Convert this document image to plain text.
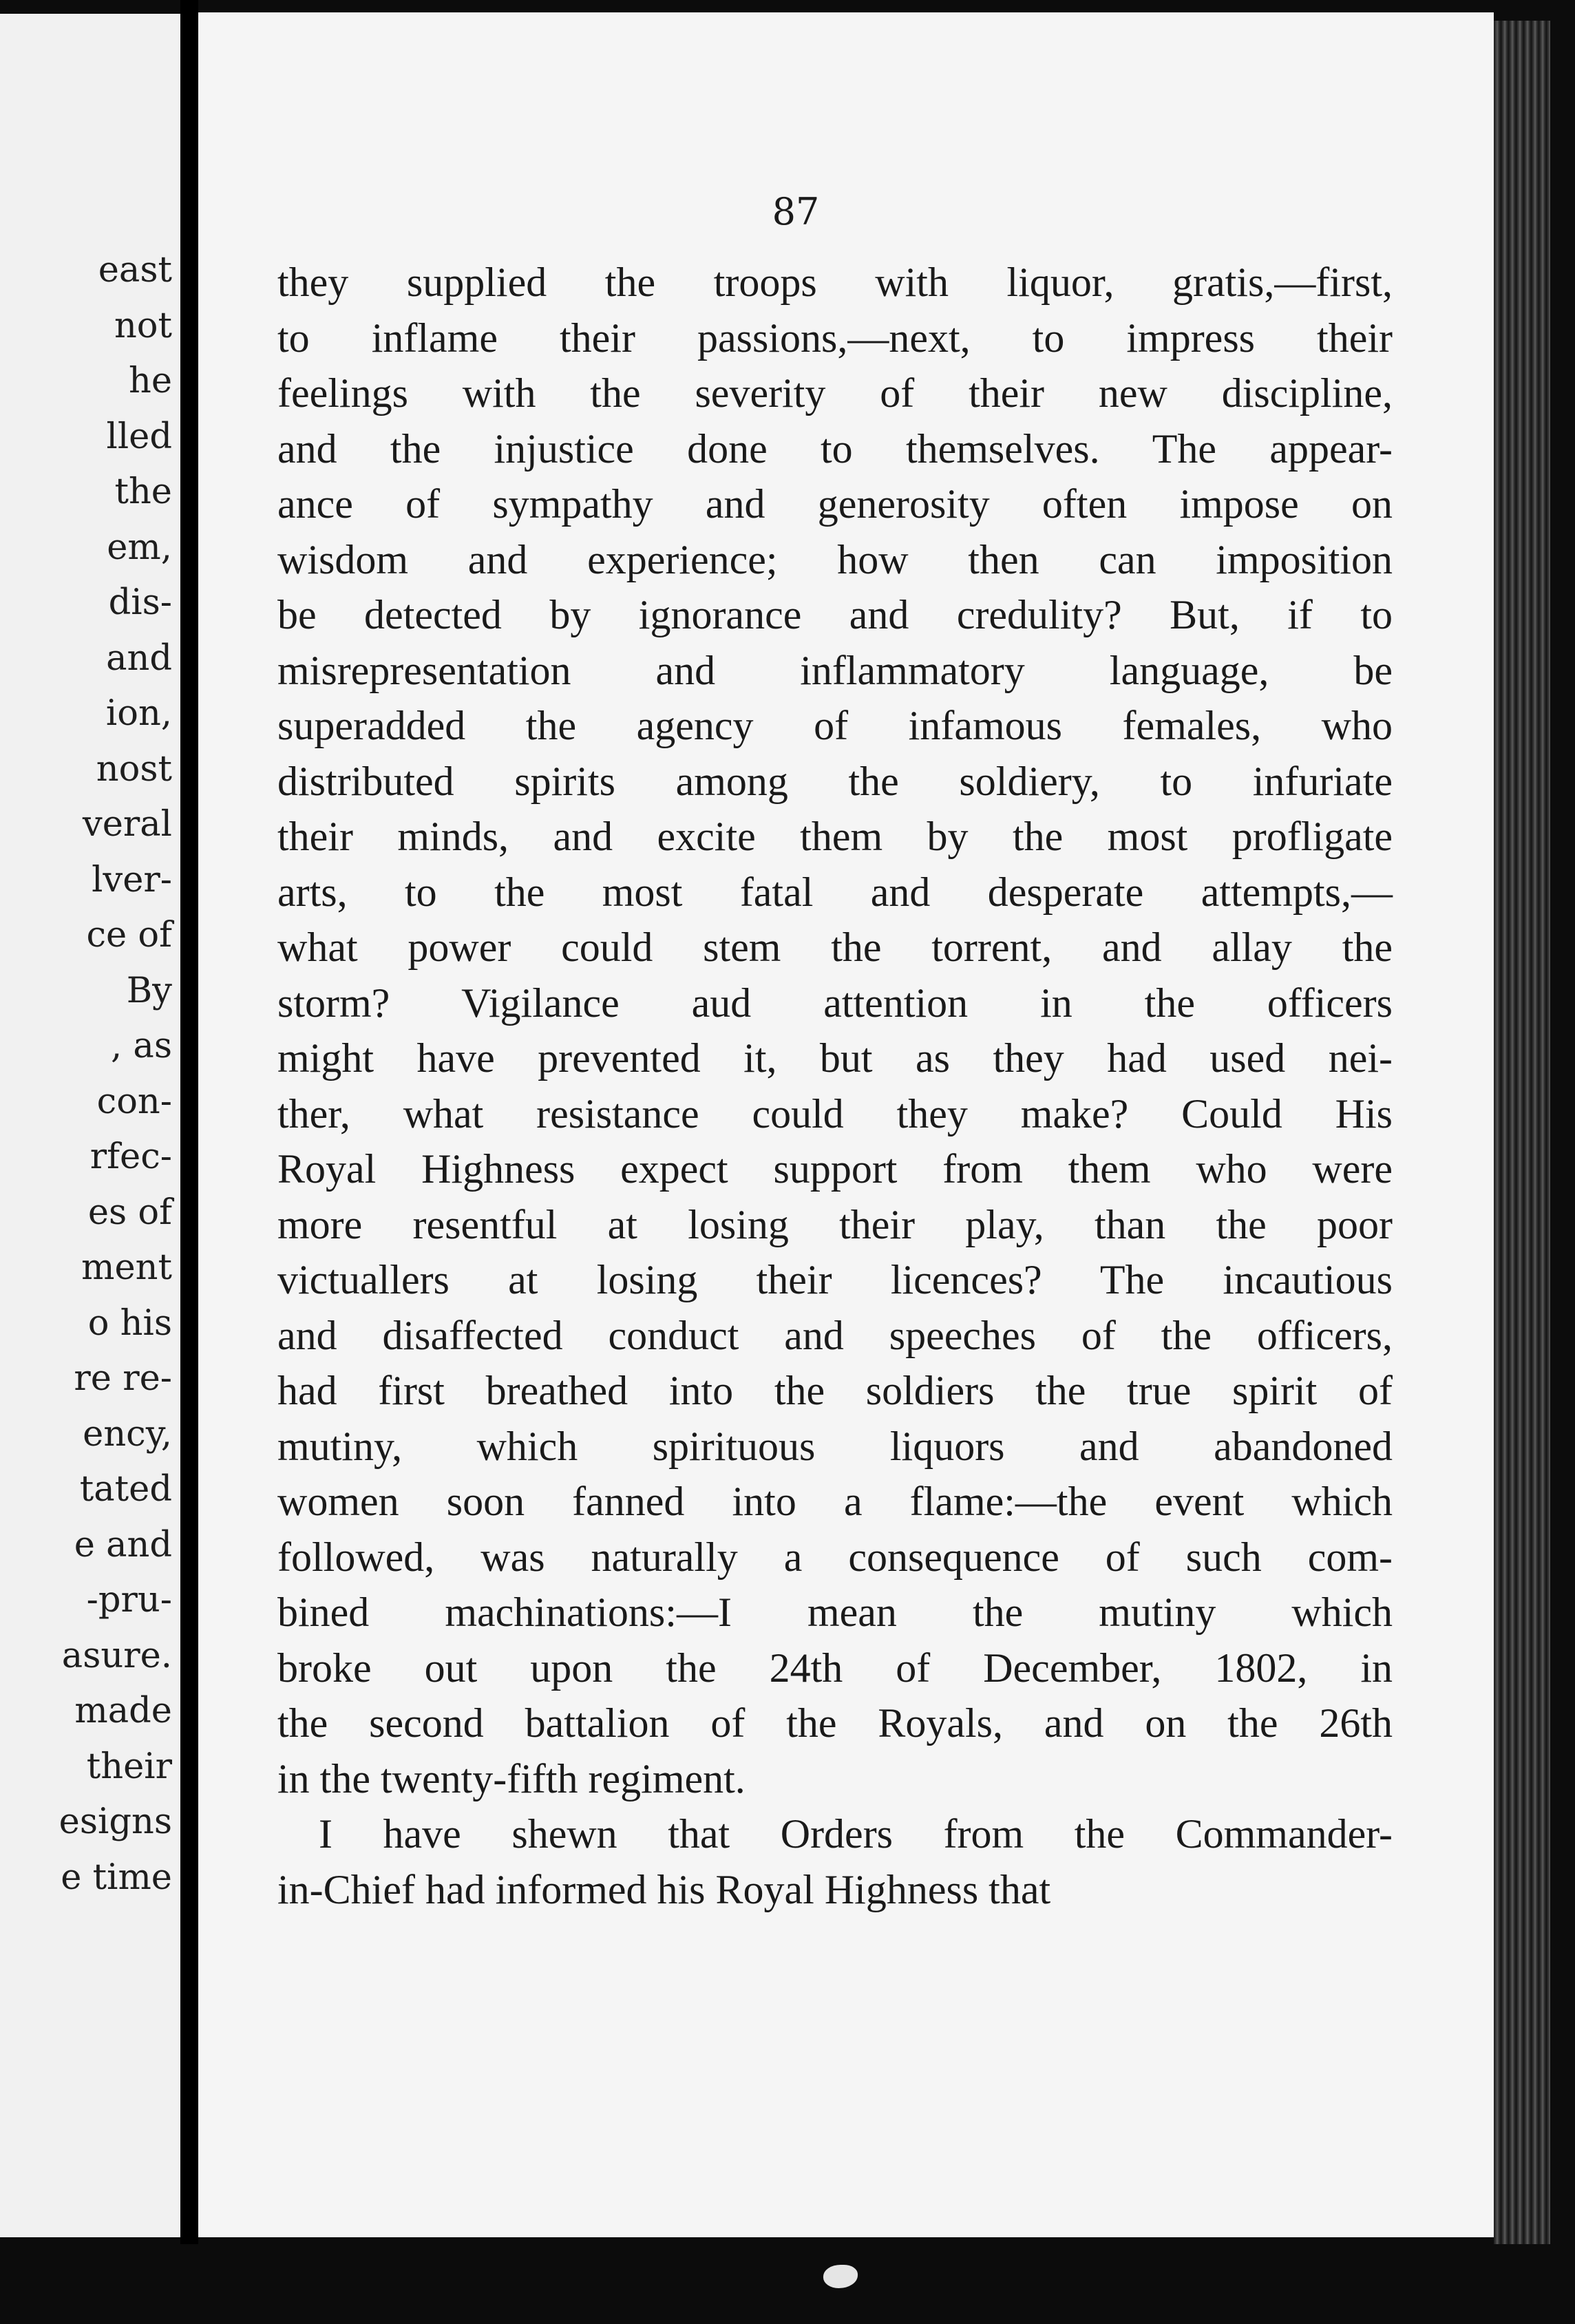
east
not
he
lled
the
em,
dis-
and
ion,
nost
veral
lver-
ce of
By
, as
con-
rfec-
es of
ment
o his
re re-
ency,
tated
e and
-pru-
asure.
made
their
esigns
e time
87
they supplied the troops with liquor, gratis,—first,
to inflame their passions,—next, to impress their
feelings with the severity of their new discipline,
and the injustice done to themselves. The appear-
ance of sympathy and generosity often impose on
wisdom and experience; how then can imposition
be detected by ignorance and credulity? But, if to
misrepresentation and inflammatory language, be
superadded the agency of infamous females, who
distributed spirits among the soldiery, to infuriate
their minds, and excite them by the most profligate
arts, to the most fatal and desperate attempts,—
what power could stem the torrent, and allay the
storm? Vigilance aud attention in the officers
might have prevented it, but as they had used nei-
ther, what resistance could they make? Could His
Royal Highness expect support from them who were
more resentful at losing their play, than the poor
victuallers at losing their licences? The incautious
and disaffected conduct and speeches of the officers,
had first breathed into the soldiers the true spirit of
mutiny, which spirituous liquors and abandoned
women soon fanned into a flame:—the event which
followed, was naturally a consequence of such com-
bined machinations:—I mean the mutiny which
broke out upon the 24th of December, 1802, in
the second battalion of the Royals, and on the 26th
in the twenty-fifth regiment.
I have shewn that Orders from the Commander-
in-Chief had informed his Royal Highness that
